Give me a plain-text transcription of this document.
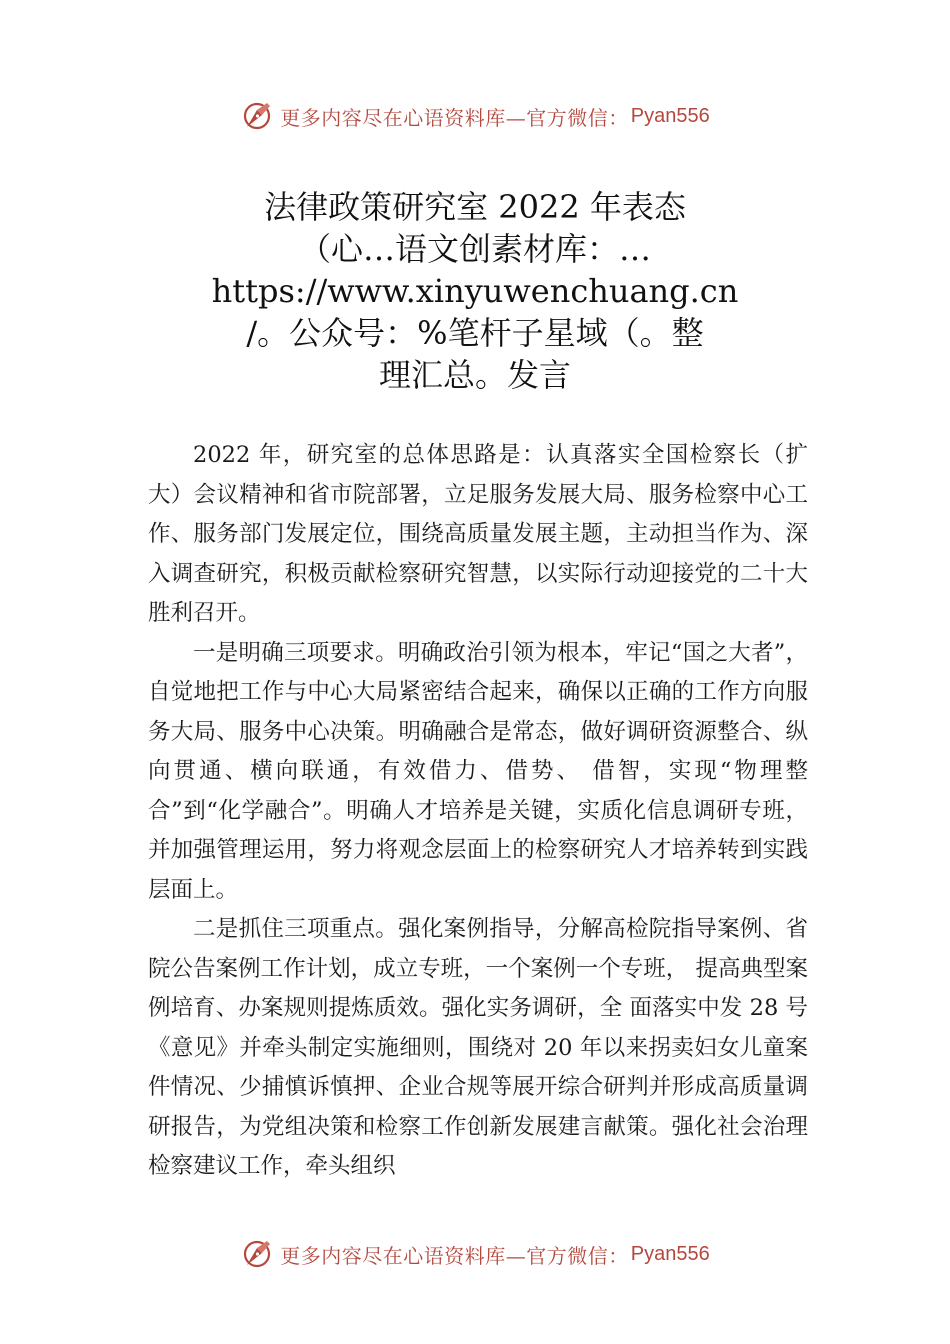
更多内容尽在心语资料库—官方微信： Pyan556
法律政策研究室 2022 年表态
（心…语文创素材库：…
https://www.xinyuwenchuang.cn
/。公众号：%笔杆子星域（。整
理汇总。发言

2022 年，研究室的总体思路是：认真落实全国检察长（扩大）会议精神和省市院部署，立足服务发展大局、服务检察中心工作、服务部门发展定位，围绕高质量发展主题，主动担当作为、深入调查研究，积极贡献检察研究智慧，以实际行动迎接党的二十大胜利召开。

一是明确三项要求。明确政治引领为根本，牢记“国之大者”，自觉地把工作与中心大局紧密结合起来，确保以正确的工作方向服务大局、服务中心决策。明确融合是常态，做好调研资源整合、纵向贯通、横向联通，有效借力、借势、 借智，实现“物理整合”到“化学融合”。明确人才培养是关键，实质化信息调研专班，并加强管理运用，努力将观念层面上的检察研究人才培养转到实践层面上。

二是抓住三项重点。强化案例指导，分解高检院指导案例、省院公告案例工作计划，成立专班，一个案例一个专班， 提高典型案例培育、办案规则提炼质效。强化实务调研，全 面落实中发 28 号《意见》并牵头制定实施细则，围绕对 20 年以来拐卖妇女儿童案件情况、少捕慎诉慎押、企业合规等展开综合研判并形成高质量调研报告，为党组决策和检察工作创新发展建言献策。强化社会治理检察建议工作，牵头组织

更多内容尽在心语资料库—官方微信： Pyan556
